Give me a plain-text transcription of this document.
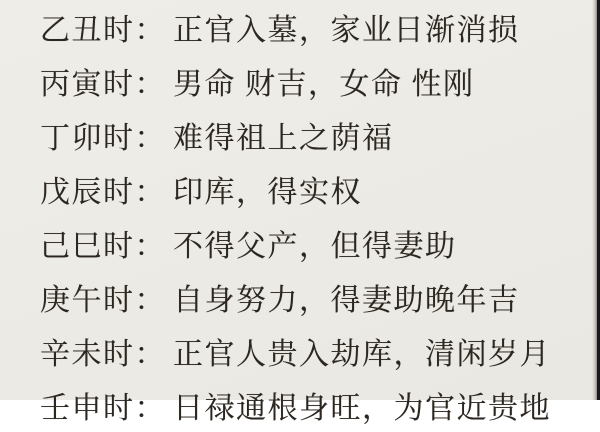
乙丑时： 正官入墓，家业日渐消损
丙寅时： 男命 财吉，女命 性刚
丁卯时： 难得祖上之荫福
戊辰时： 印库，得实权
己巳时： 不得父产，但得妻助
庚午时： 自身努力，得妻助晚年吉
辛未时： 正官人贵入劫库，清闲岁月
壬申时： 日禄通根身旺，为官近贵地
